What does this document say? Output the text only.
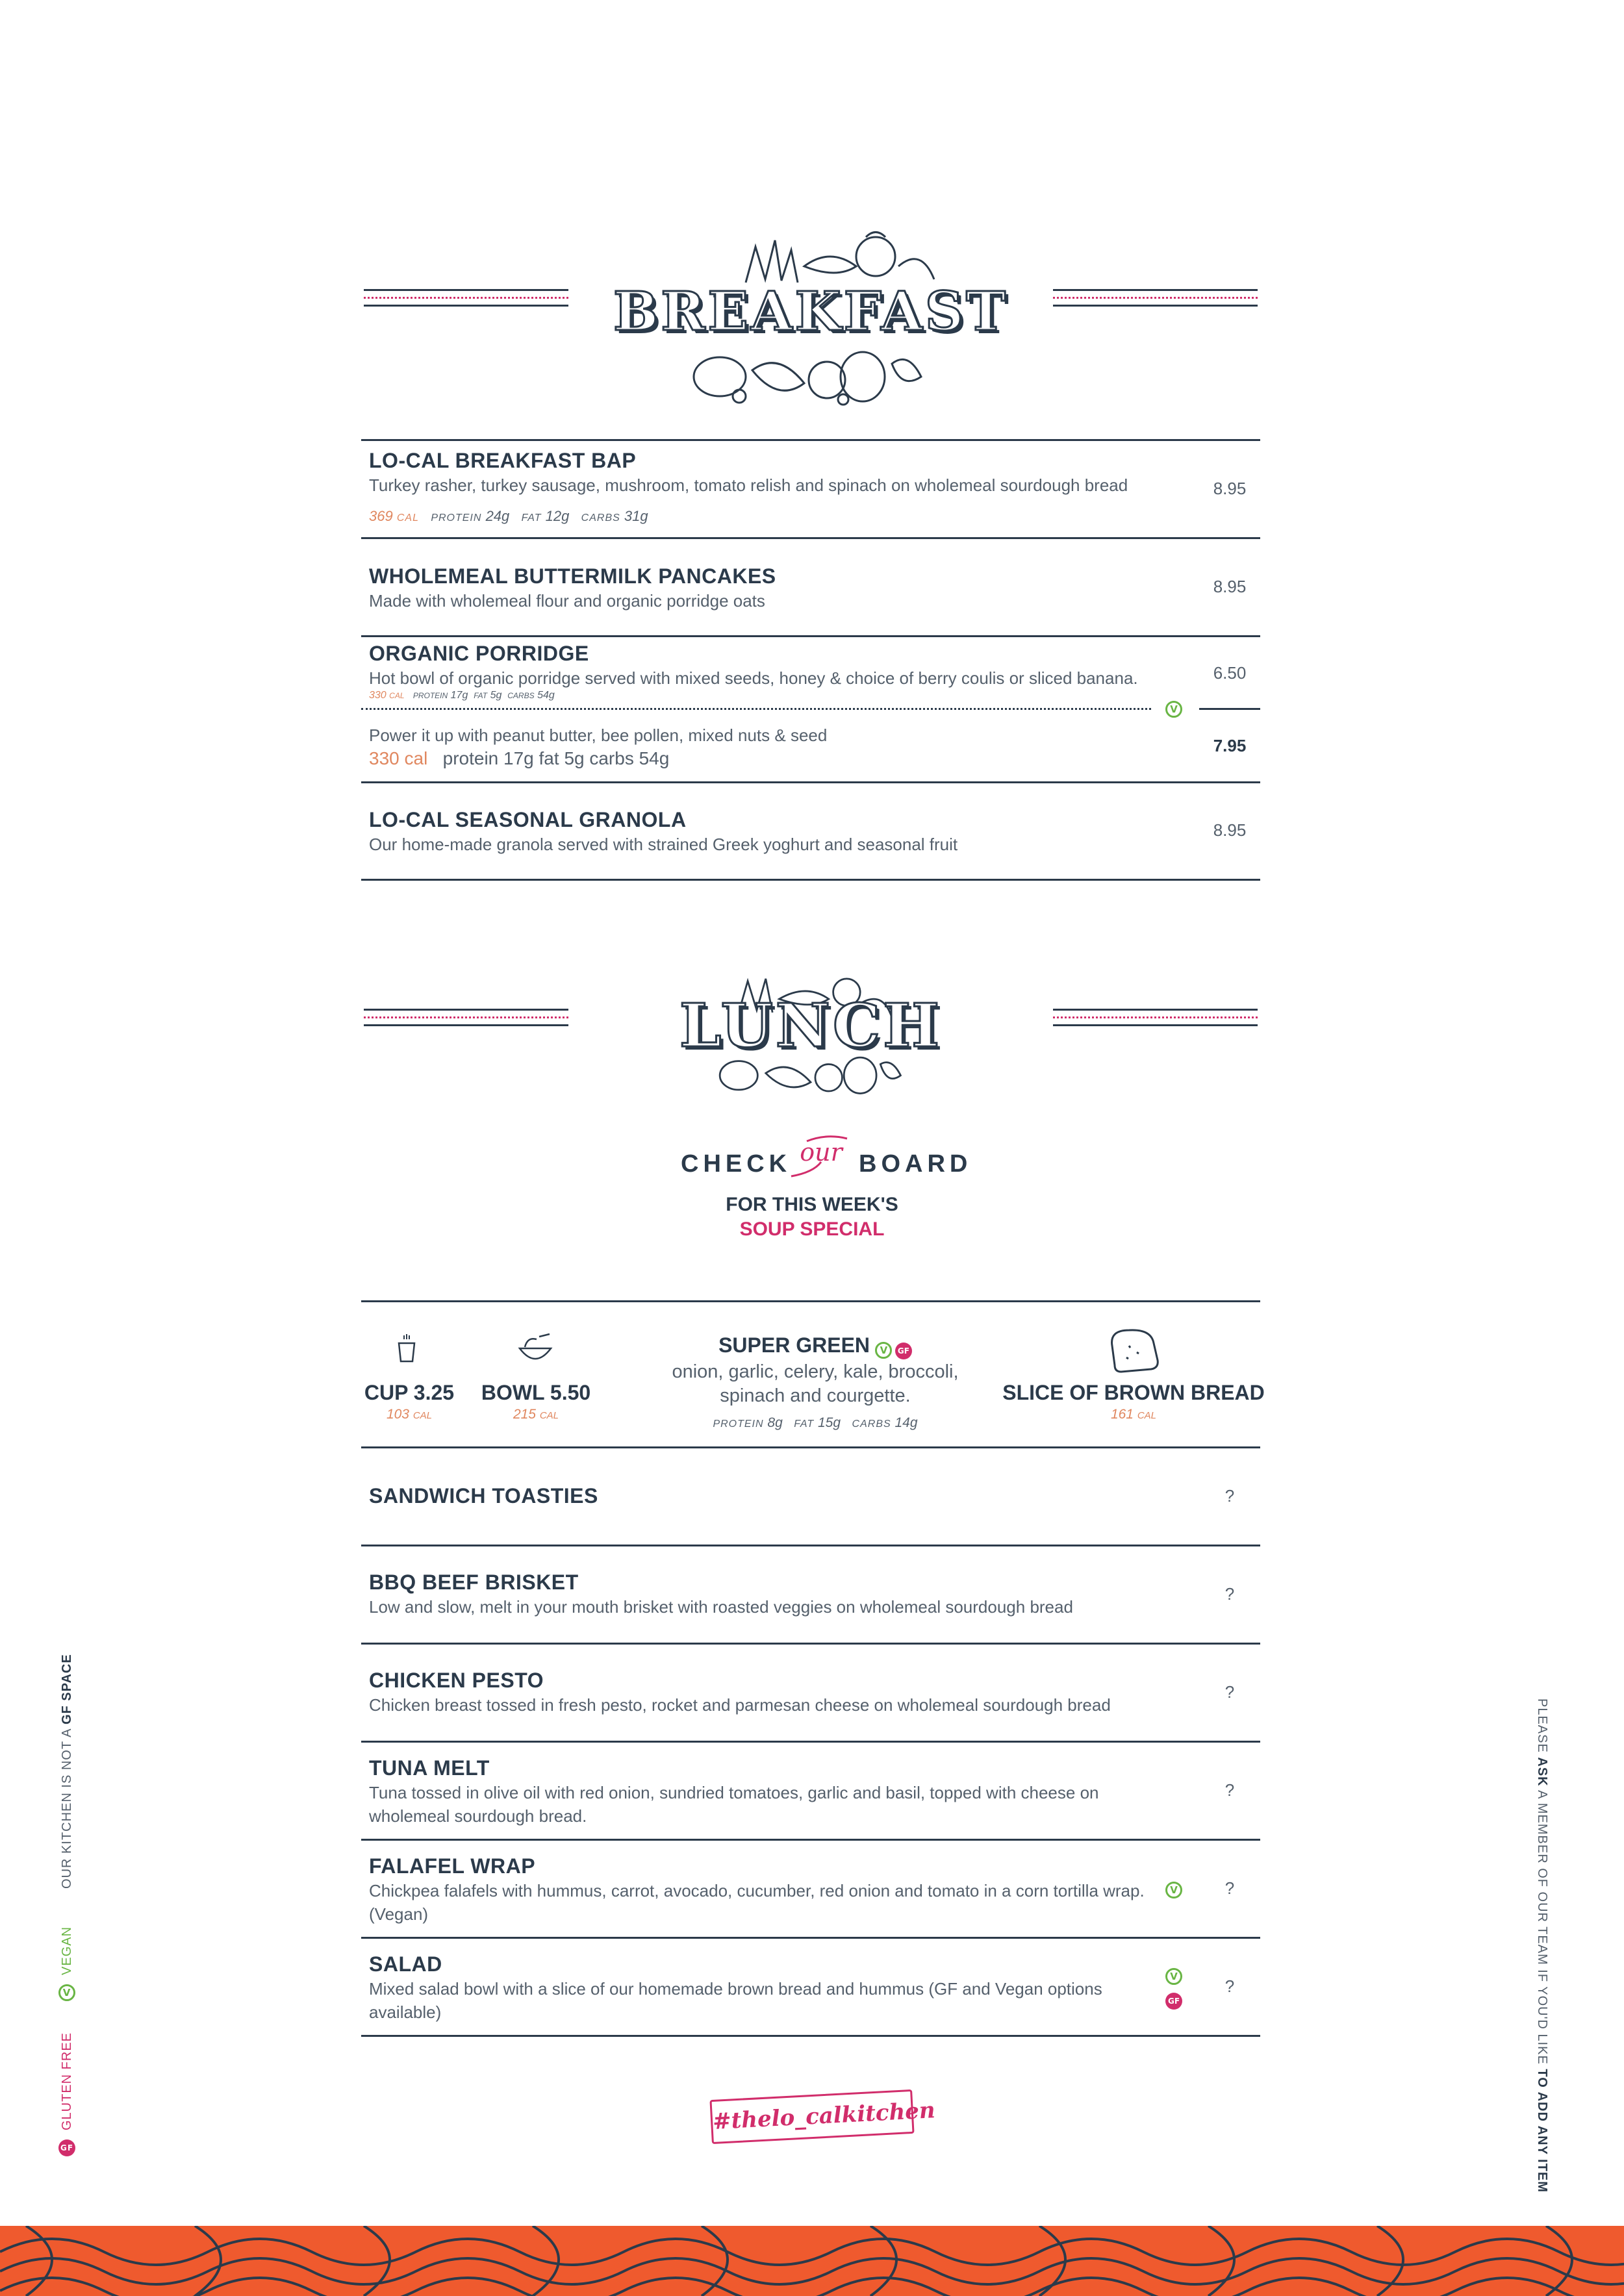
BREAKFAST
LO-CAL BREAKFAST BAP
Turkey rasher, turkey sausage, mushroom, tomato relish and spinach on wholemeal sourdough bread
369 CAL PROTEIN 24g FAT 12g CARBS 31g
8.95
WHOLEMEAL BUTTERMILK PANCAKES
Made with wholemeal flour and organic porridge oats
8.95
ORGANIC PORRIDGE
Hot bowl of organic porridge served with mixed seeds, honey & choice of berry coulis or sliced banana.
330 CAL PROTEIN 17g FAT 5g CARBS 54g
6.50
V
Power it up with peanut butter, bee pollen, mixed nuts & seed
330 cal protein 17g fat 5g carbs 54g
7.95
LO-CAL SEASONAL GRANOLA
Our home-made granola served with strained Greek yoghurt and seasonal fruit
8.95
LUNCH
CHECK our BOARD
FOR THIS WEEK'S
SOUP SPECIAL
CUP 3.25
103 CAL
BOWL 5.50
215 CAL
SUPER GREEN V GF
onion, garlic, celery, kale, broccoli,
spinach and courgette.
PROTEIN 8g FAT 15g CARBS 14g
SLICE OF BROWN BREAD
161 CAL
SANDWICH TOASTIES	?
BBQ BEEF BRISKET
Low and slow, melt in your mouth brisket with roasted veggies on wholemeal sourdough bread
?
CHICKEN PESTO
Chicken breast tossed in fresh pesto, rocket and parmesan cheese on wholemeal sourdough bread
?
TUNA MELT
Tuna tossed in olive oil with red onion, sundried tomatoes, garlic and basil, topped with cheese on wholemeal sourdough bread.
?
FALAFEL WRAP
Chickpea falafels with hummus, carrot, avocado, cucumber, red onion and tomato in a corn tortilla wrap. (Vegan)
V	?
SALAD
Mixed salad bowl with a slice of our homemade brown bread and hummus (GF and Vegan options available)
V
GF
?
#thelo_calkitchen
GF
GLUTEN FREE
V
VEGAN
OUR KITCHEN IS NOT A GF SPACE
PLEASE ASK A MEMBER OF OUR TEAM IF YOU'D LIKE TO ADD ANY ITEM
